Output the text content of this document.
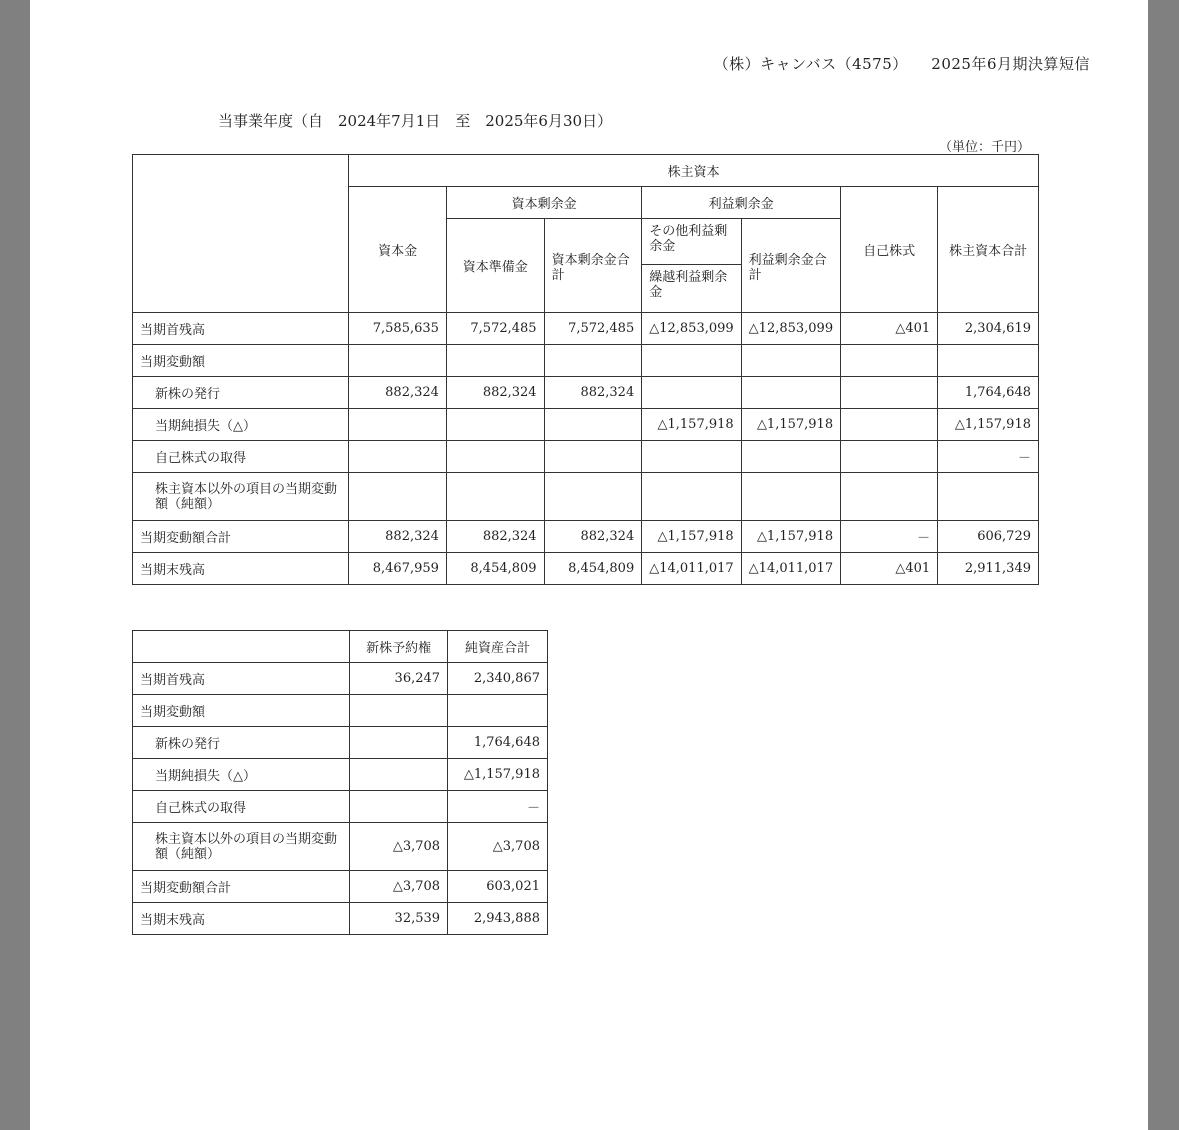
（株）キャンバス（4575）　　 2025年6月期決算短信
当事業年度（自　2024年7月1日　至　2025年6月30日）
（単位：千円）
	株主資本						
	資本金	資本剰余金		利益剰余金		自己株式	株主資本合計
		資本準備金	資本剰余金合計	その他利益剰余金	利益剰余金合計		
				繰越利益剰余金			
当期首残高	7,585,635	7,572,485	7,572,485	△12,853,099	△12,853,099	△401	2,304,619
当期変動額							
新株の発行	882,324	882,324	882,324				1,764,648
当期純損失（△）				△1,157,918	△1,157,918		△1,157,918
自己株式の取得							－
株主資本以外の項目の当期変動額（純額）							
当期変動額合計	882,324	882,324	882,324	△1,157,918	△1,157,918	－	606,729
当期末残高	8,467,959	8,454,809	8,454,809	△14,011,017	△14,011,017	△401	2,911,349
	新株予約権	純資産合計
当期首残高	36,247	2,340,867
当期変動額		
新株の発行		1,764,648
当期純損失（△）		△1,157,918
自己株式の取得		－
株主資本以外の項目の当期変動額（純額）	△3,708	△3,708
当期変動額合計	△3,708	603,021
当期末残高	32,539	2,943,888
